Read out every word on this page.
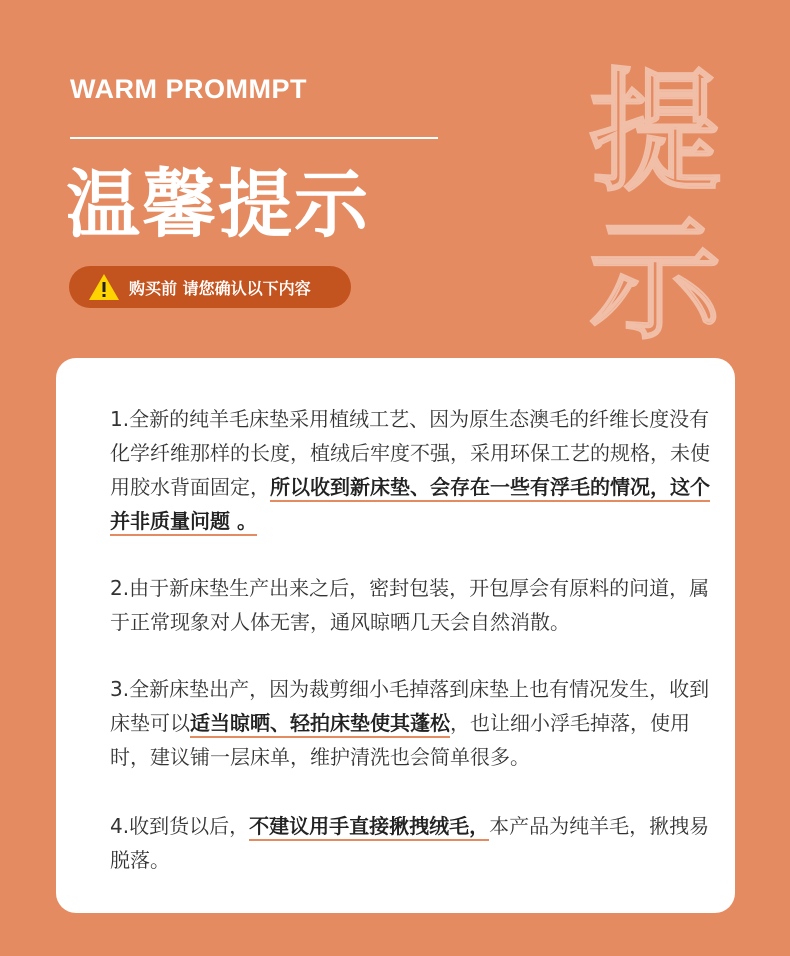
WARM PROMMPT
温馨提示 提示
购买前 请您确认以下内容
1.全新的纯羊毛床垫采用植绒工艺、因为原生态澳毛的纤维长度没有化学纤维那样的长度，植绒后牢度不强，采用环保工艺的规格，未使用胶水背面固定，所以收到新床垫、会存在一些有浮毛的情况，这个并非质量问题 。
2.由于新床垫生产出来之后，密封包装，开包厚会有原料的问道，属于正常现象对人体无害，通风晾晒几天会自然消散。
3.全新床垫出产，因为裁剪细小毛掉落到床垫上也有情况发生，收到床垫可以适当晾晒、轻拍床垫使其蓬松，也让细小浮毛掉落，使用时，建议铺一层床单，维护清洗也会简单很多。
4.收到货以后，不建议用手直接揪拽绒毛，本产品为纯羊毛，揪拽易脱落。
